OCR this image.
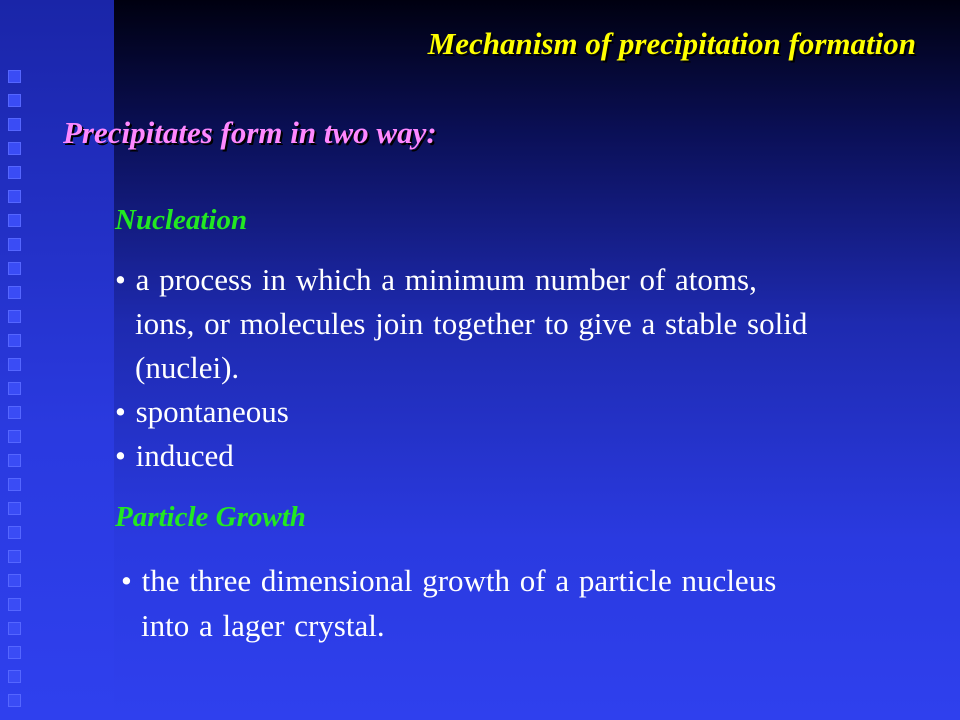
Mechanism of precipitation formation
Precipitates form in two way:
Nucleation
• a process in which a minimum number of atoms,
ions, or molecules join together to give a stable solid
(nuclei).
• spontaneous
• induced
Particle Growth
• the three dimensional growth of a particle nucleus
into a lager crystal.
